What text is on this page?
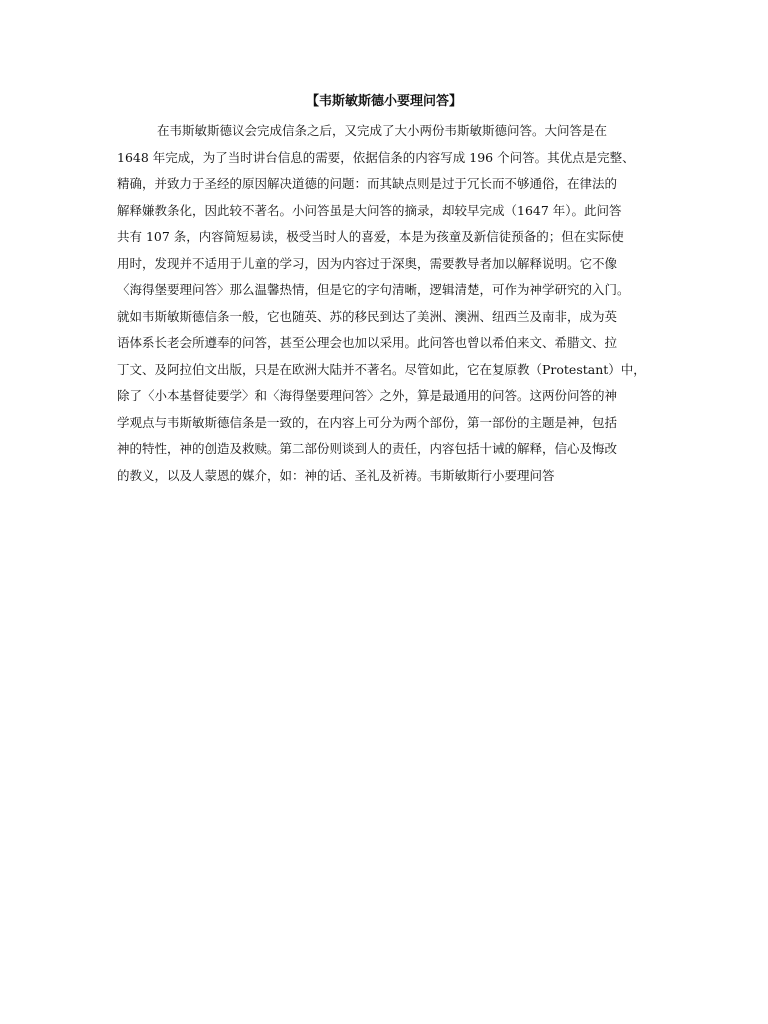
【韦斯敏斯德小要理问答】
在韦斯敏斯德议会完成信条之后，又完成了大小两份韦斯敏斯德问答。大问答是在
1648 年完成，为了当时讲台信息的需要，依据信条的内容写成 196 个问答。其优点是完整、
精确，并致力于圣经的原因解决道德的问题：而其缺点则是过于冗长而不够通俗，在律法的
解释嫌教条化，因此较不著名。小问答虽是大问答的摘录，却较早完成（1647 年）。此问答
共有 107 条，内容简短易读，极受当时人的喜爱，本是为孩童及新信徒预备的；但在实际使
用时，发现并不适用于儿童的学习，因为内容过于深奥，需要教导者加以解释说明。它不像
〈海得堡要理问答〉那么温馨热情，但是它的字句清晰，逻辑清楚，可作为神学研究的入门。
就如韦斯敏斯德信条一般，它也随英、苏的移民到达了美洲、澳洲、纽西兰及南非，成为英
语体系长老会所遵奉的问答，甚至公理会也加以采用。此问答也曾以希伯来文、希腊文、拉
丁文、及阿拉伯文出版，只是在欧洲大陆并不著名。尽管如此，它在复原教（Protestant）中，
除了〈小本基督徒要学〉和〈海得堡要理问答〉之外，算是最通用的问答。这两份问答的神
学观点与韦斯敏斯德信条是一致的，在内容上可分为两个部份，第一部份的主题是神，包括
神的特性，神的创造及救赎。第二部份则谈到人的责任，内容包括十诫的解释，信心及悔改
的教义，以及人蒙恩的媒介，如：神的话、圣礼及祈祷。韦斯敏斯行小要理问答
